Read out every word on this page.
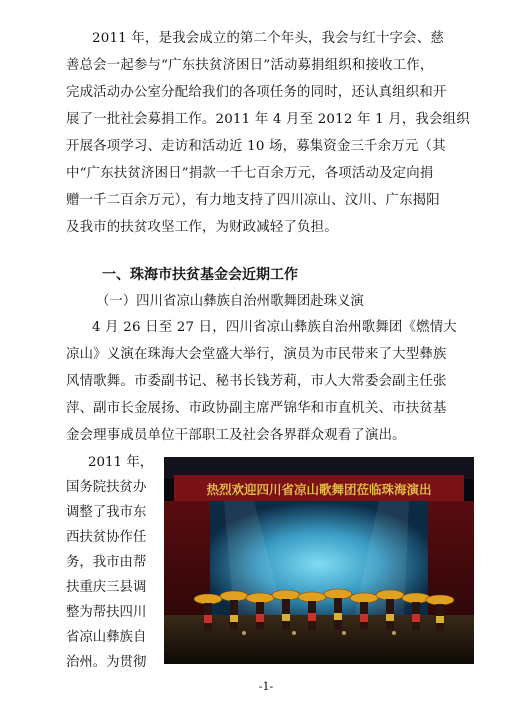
2011 年，是我会成立的第二个年头，我会与红十字会、慈
善总会一起参与“广东扶贫济困日”活动募捐组织和接收工作，
完成活动办公室分配给我们的各项任务的同时，还认真组织和开
展了一批社会募捐工作。2011 年 4 月至 2012 年 1 月，我会组织
开展各项学习、走访和活动近 10 场，募集资金三千余万元（其
中“广东扶贫济困日”捐款一千七百余万元，各项活动及定向捐
赠一千二百余万元），有力地支持了四川凉山、汶川、广东揭阳
及我市的扶贫攻坚工作，为财政减轻了负担。
一、珠海市扶贫基金会近期工作
（一）四川省凉山彝族自治州歌舞团赴珠义演
4 月 26 日至 27 日，四川省凉山彝族自治州歌舞团《燃情大
凉山》义演在珠海大会堂盛大举行，演员为市民带来了大型彝族
风情歌舞。市委副书记、秘书长钱芳莉，市人大常委会副主任张
萍、副市长金展扬、市政协副主席严锦华和市直机关、市扶贫基
金会理事成员单位干部职工及社会各界群众观看了演出。
2011 年，
国务院扶贫办
调整了我市东
西扶贫协作任
务，我市由帮
扶重庆三县调
整为帮扶四川
省凉山彝族自
治州。为贯彻
热烈欢迎四川省凉山歌舞团莅临珠海演出
-1-
